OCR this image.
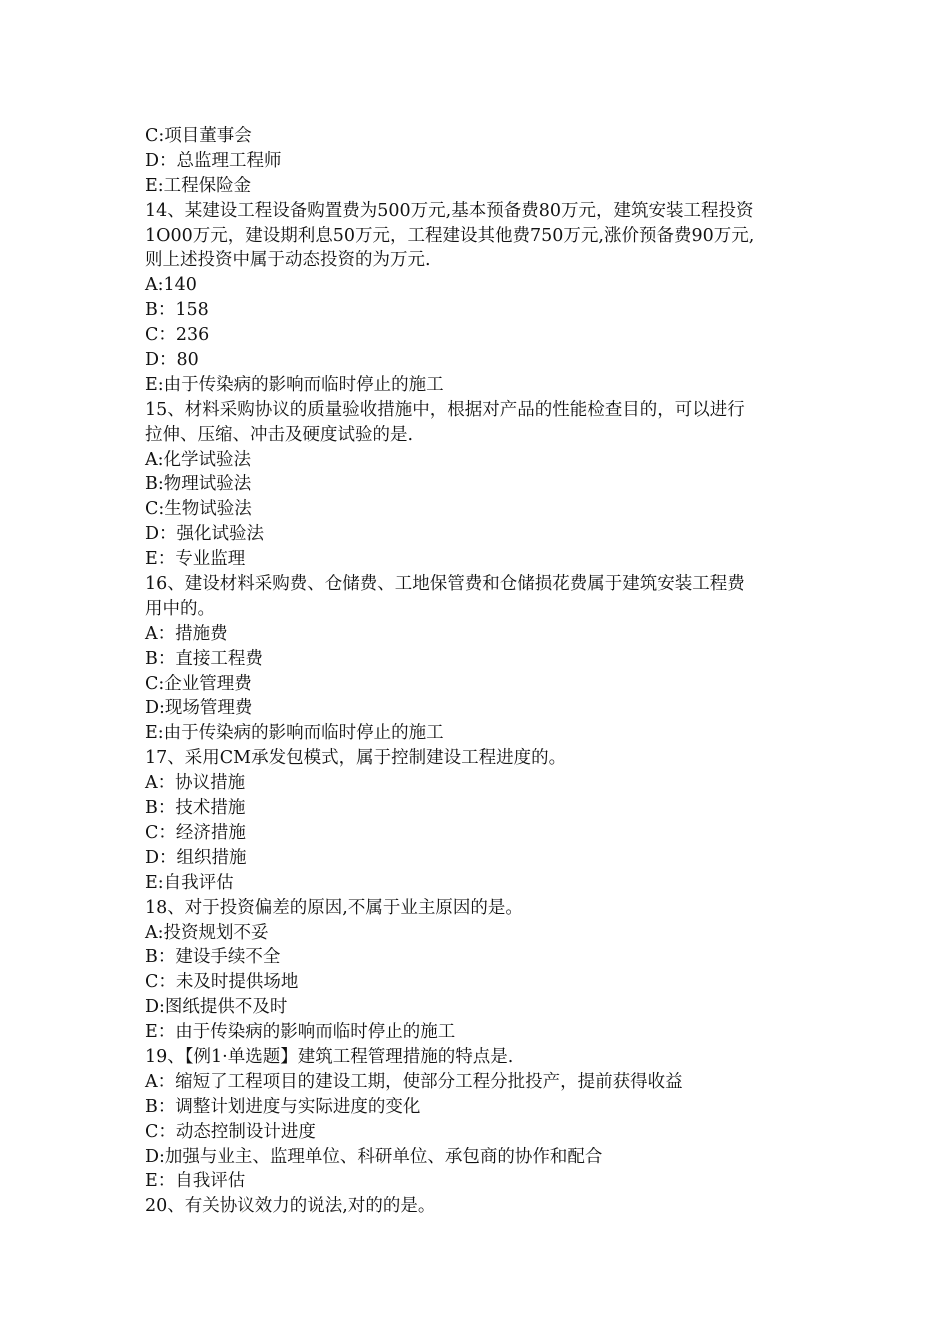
C:项目董事会
D：总监理工程师
E:工程保险金
14、某建设工程设备购置费为500万元,基本预备费80万元，建筑安装工程投资
1O00万元，建设期利息50万元，工程建设其他费750万元,涨价预备费90万元,
则上述投资中属于动态投资的为万元.
A:140
B：158
C：236
D：80
E:由于传染病的影响而临时停止的施工
15、材料采购协议的质量验收措施中，根据对产品的性能检查目的，可以进行
拉伸、压缩、冲击及硬度试验的是.
A:化学试验法
B:物理试验法
C:生物试验法
D：强化试验法
E：专业监理
16、建设材料采购费、仓储费、工地保管费和仓储损花费属于建筑安装工程费
用中的。
A：措施费
B：直接工程费
C:企业管理费
D:现场管理费
E:由于传染病的影响而临时停止的施工
17、采用CM承发包模式，属于控制建设工程进度的。
A：协议措施
B：技术措施
C：经济措施
D：组织措施
E:自我评估
18、对于投资偏差的原因,不属于业主原因的是。
A:投资规划不妥
B：建设手续不全
C：未及时提供场地
D:图纸提供不及时
E：由于传染病的影响而临时停止的施工
19、【例1·单选题】建筑工程管理措施的特点是.
A：缩短了工程项目的建设工期，使部分工程分批投产，提前获得收益
B：调整计划进度与实际进度的变化
C：动态控制设计进度
D:加强与业主、监理单位、科研单位、承包商的协作和配合
E：自我评估
20、有关协议效力的说法,对的的是。
